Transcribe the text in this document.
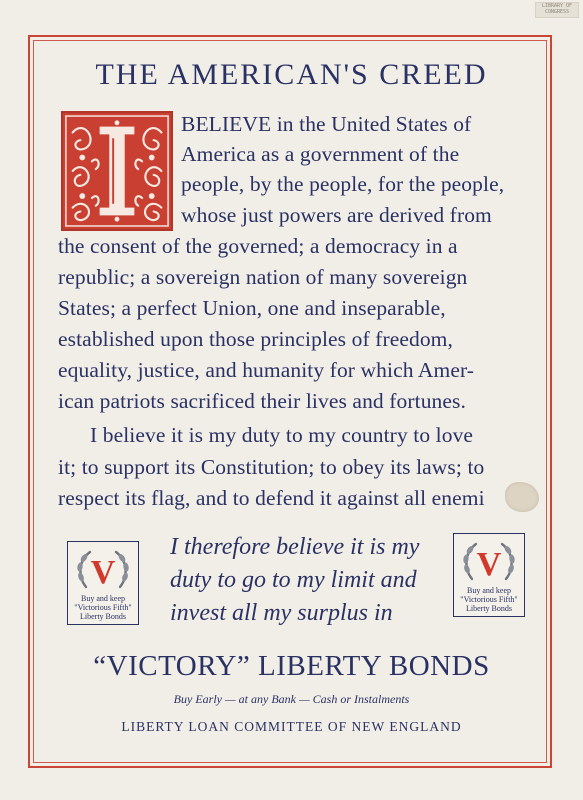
LIBRARY OF CONGRESS
THE AMERICAN'S CREED
BELIEVE in the United States of
America as a government of the
people, by the people, for the people,
whose just powers are derived from
the consent of the governed; a democracy in a
republic; a sovereign nation of many sovereign
States; a perfect Union, one and inseparable,
established upon those principles of freedom,
equality, justice, and humanity for which Amer-
ican patriots sacrificed their lives and fortunes.
I believe it is my duty to my country to love
it; to support its Constitution; to obey its laws; to
respect its flag, and to defend it against all enemi
V
Buy and keep
"Victorious Fifth"
Liberty Bonds
V
Buy and keep
"Victorious Fifth"
Liberty Bonds
I therefore believe it is my
duty to go to my limit and
invest all my surplus in
“VICTORY” LIBERTY BONDS
Buy Early — at any Bank — Cash or Instalments
LIBERTY LOAN COMMITTEE OF NEW ENGLAND
